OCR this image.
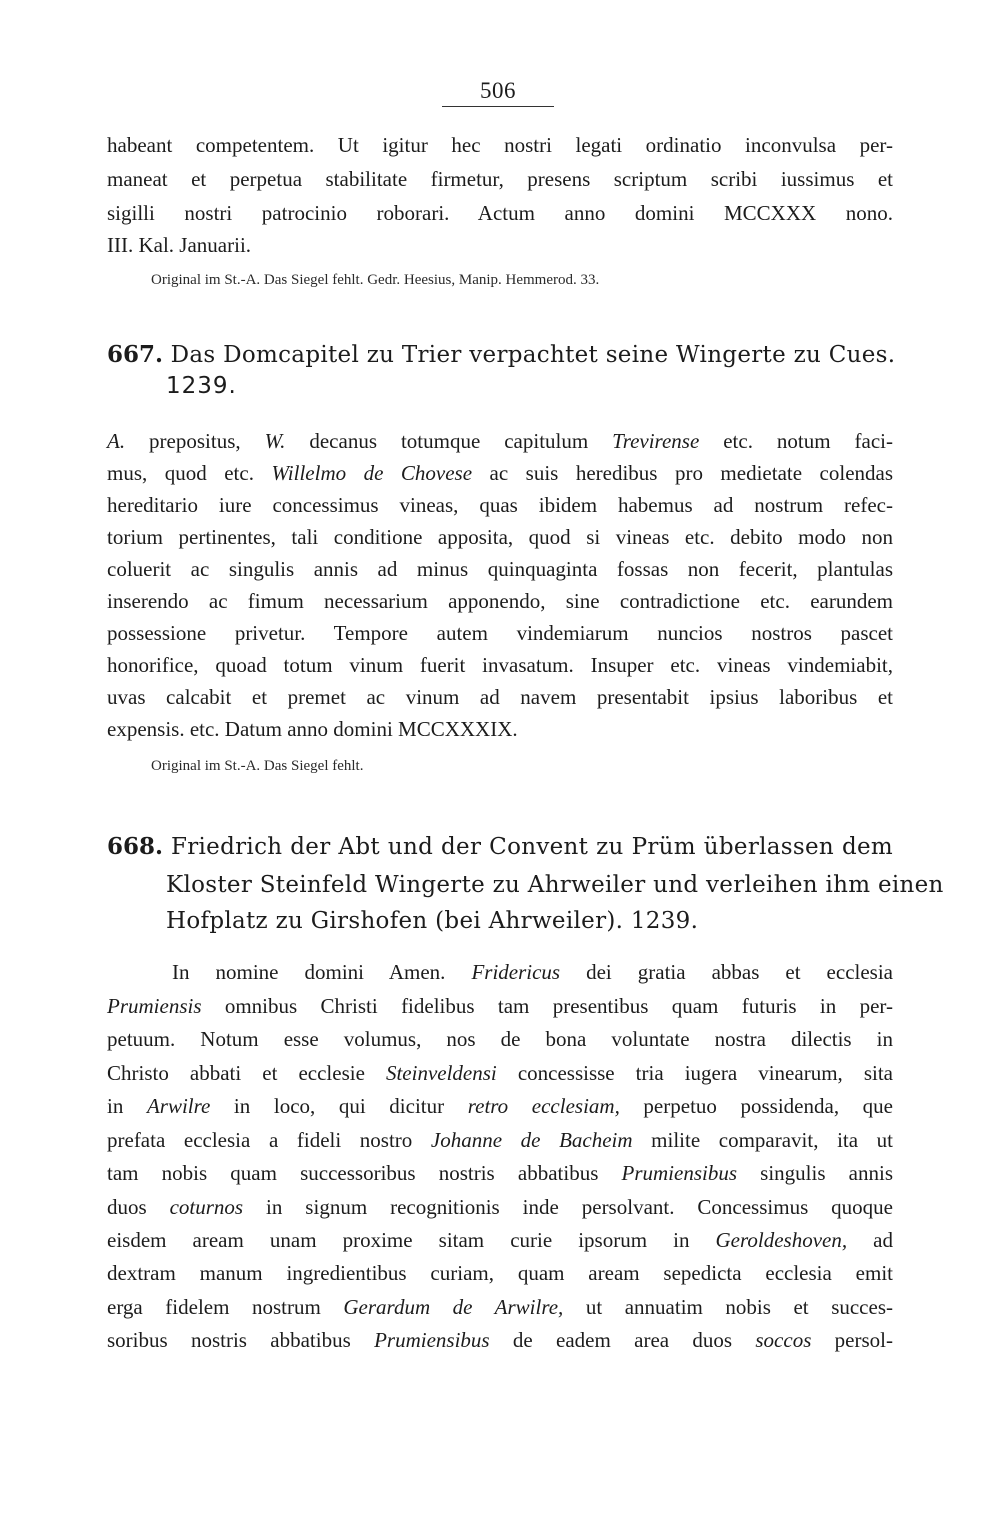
506
habeant competentem. Ut igitur hec nostri legati ordinatio inconvulsa per-
maneat et perpetua stabilitate firmetur, presens scriptum scribi iussimus et
sigilli nostri patrocinio roborari. Actum anno domini MCCXXX nono.
III. Kal. Januarii.
Original im St.-A. Das Siegel fehlt. Gedr. Heesius, Manip. Hemmerod. 33.
667. Das Domcapitel zu Trier verpachtet seine Wingerte zu Cues.
1239.
A. prepositus, W. decanus totumque capitulum Trevirense etc. notum faci-
mus, quod etc. Willelmo de Chovese ac suis heredibus pro medietate colendas
hereditario iure concessimus vineas, quas ibidem habemus ad nostrum refec-
torium pertinentes, tali conditione apposita, quod si vineas etc. debito modo non
coluerit ac singulis annis ad minus quinquaginta fossas non fecerit, plantulas
inserendo ac fimum necessarium apponendo, sine contradictione etc. earundem
possessione privetur. Tempore autem vindemiarum nuncios nostros pascet
honorifice, quoad totum vinum fuerit invasatum. Insuper etc. vineas vindemiabit,
uvas calcabit et premet ac vinum ad navem presentabit ipsius laboribus et
expensis. etc. Datum anno domini MCCXXXIX.
Original im St.-A. Das Siegel fehlt.
668. Friedrich der Abt und der Convent zu Prüm überlassen dem
Kloster Steinfeld Wingerte zu Ahrweiler und verleihen ihm einen
Hofplatz zu Girshofen (bei Ahrweiler). 1239.
In nomine domini Amen. Fridericus dei gratia abbas et ecclesia
Prumiensis omnibus Christi fidelibus tam presentibus quam futuris in per-
petuum. Notum esse volumus, nos de bona voluntate nostra dilectis in
Christo abbati et ecclesie Steinveldensi concessisse tria iugera vinearum, sita
in Arwilre in loco, qui dicitur retro ecclesiam, perpetuo possidenda, que
prefata ecclesia a fideli nostro Johanne de Bacheim milite comparavit, ita ut
tam nobis quam successoribus nostris abbatibus Prumiensibus singulis annis
duos coturnos in signum recognitionis inde persolvant. Concessimus quoque
eisdem aream unam proxime sitam curie ipsorum in Geroldeshoven, ad
dextram manum ingredientibus curiam, quam aream sepedicta ecclesia emit
erga fidelem nostrum Gerardum de Arwilre, ut annuatim nobis et succes-
soribus nostris abbatibus Prumiensibus de eadem area duos soccos persol-
